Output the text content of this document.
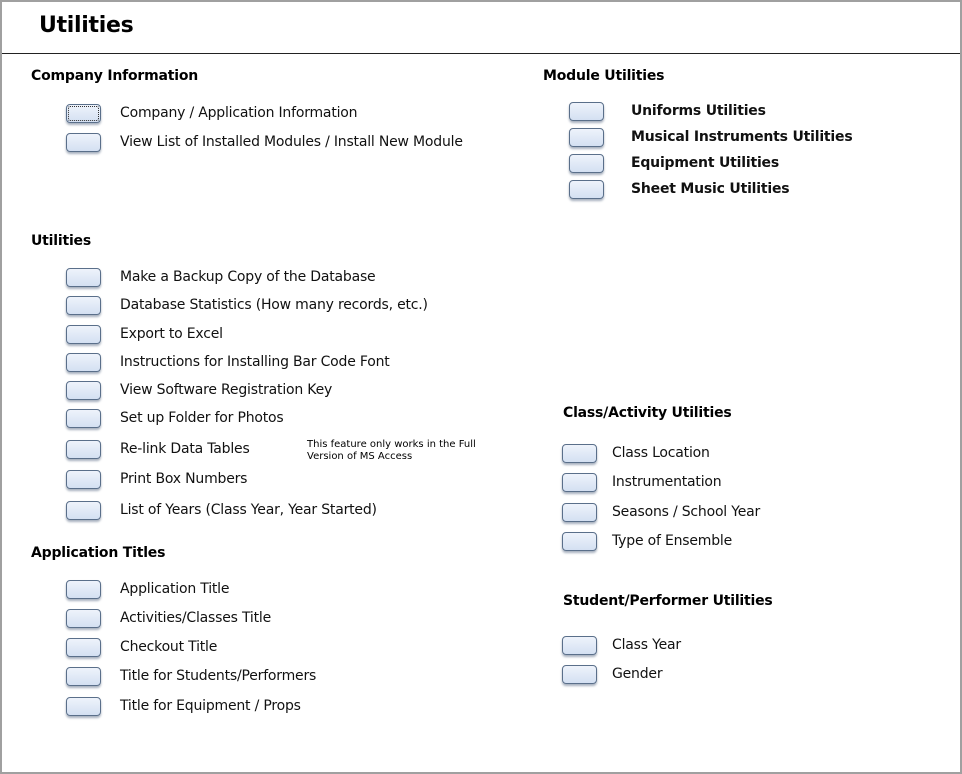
Utilities
Company Information	Module Utilities
Utilities
Application Titles
Class/Activity Utilities
Student/Performer Utilities
This feature only works in the Full
Version of MS Access
Company / Application Information
View List of Installed Modules / Install New Module
Uniforms Utilities
Musical Instruments Utilities
Equipment Utilities
Sheet Music Utilities
Make a Backup Copy of the Database
Database Statistics (How many records, etc.)
Export to Excel
Instructions for Installing Bar Code Font
View Software Registration Key
Set up Folder for Photos
Re-link Data Tables
Print Box Numbers
List of Years (Class Year, Year Started)
Application Title
Activities/Classes Title
Checkout Title
Title for Students/Performers
Title for Equipment / Props
Class Location
Instrumentation
Seasons / School Year
Type of Ensemble
Class Year
Gender
